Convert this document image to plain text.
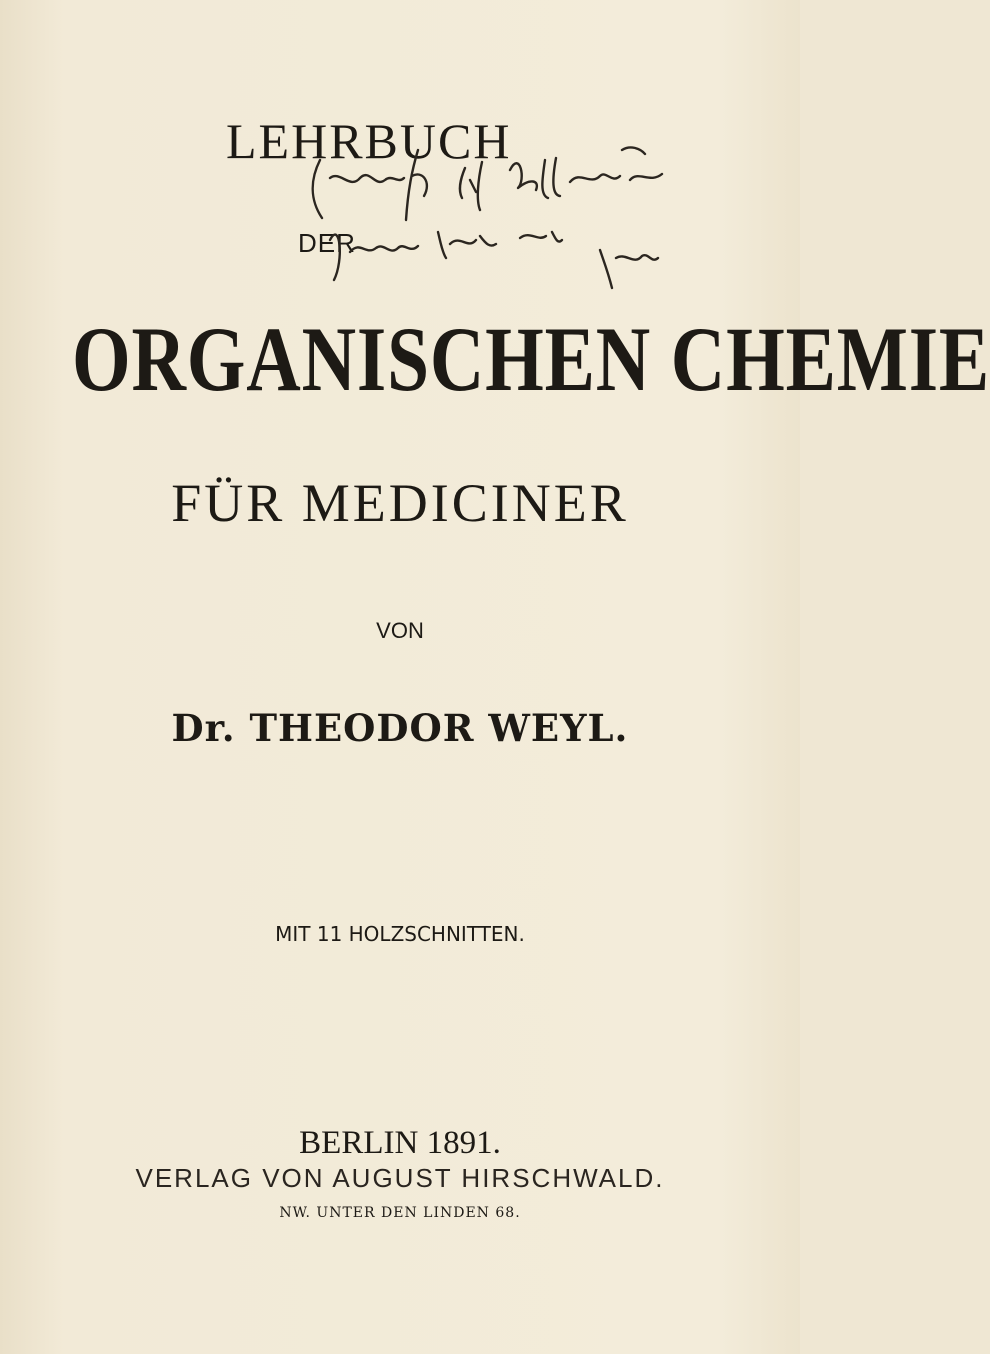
LEHRBUCH
DER
ORGANISCHEN CHEMIE
FÜR MEDICINER
VON
Dr. THEODOR WEYL.
MIT 11 HOLZSCHNITTEN.
BERLIN 1891.
VERLAG VON AUGUST HIRSCHWALD.
NW. UNTER DEN LINDEN 68.
